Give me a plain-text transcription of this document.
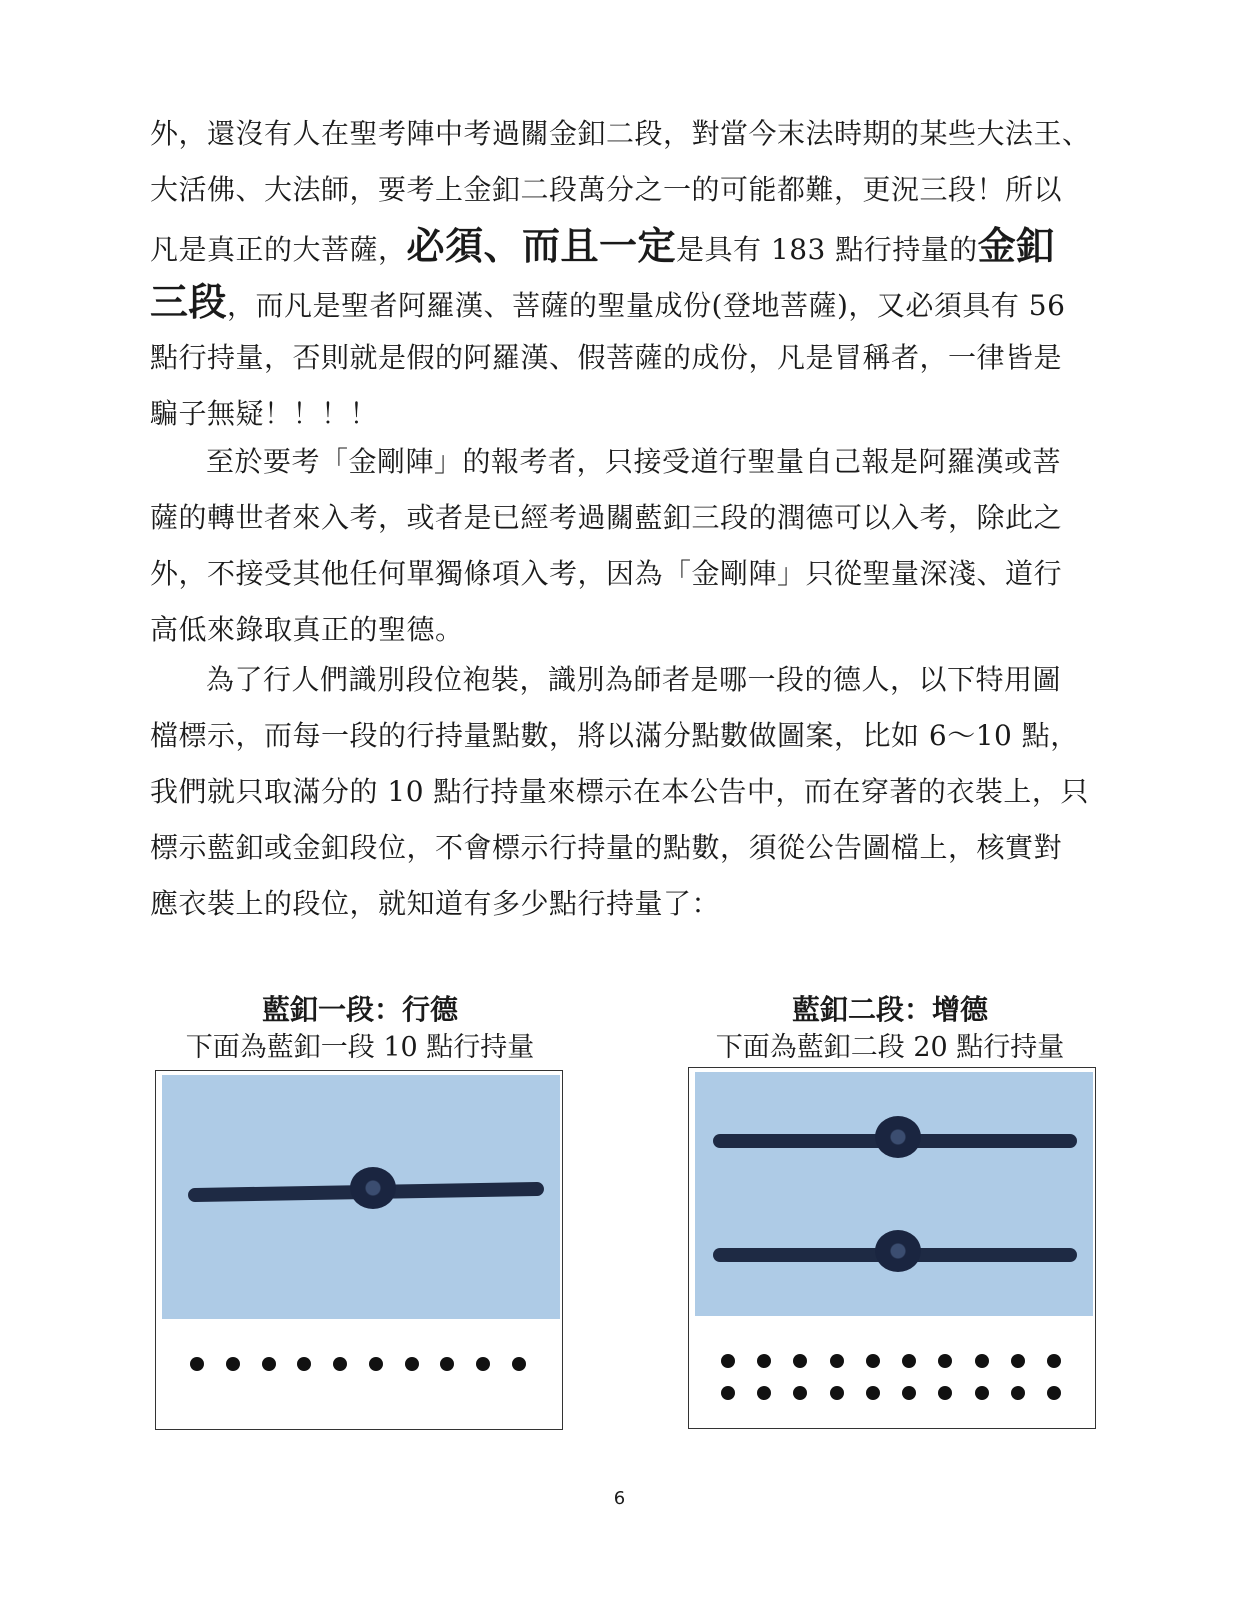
外，還沒有人在聖考陣中考過關金釦二段，對當今末法時期的某些大法王、
大活佛、大法師，要考上金釦二段萬分之一的可能都難，更況三段！所以
凡是真正的大菩薩，必須、而且一定是具有 183 點行持量的金釦
三段，而凡是聖者阿羅漢、菩薩的聖量成份(登地菩薩)，又必須具有 56
點行持量，否則就是假的阿羅漢、假菩薩的成份，凡是冒稱者，一律皆是
騙子無疑！！！！
至於要考「金剛陣」的報考者，只接受道行聖量自己報是阿羅漢或菩
薩的轉世者來入考，或者是已經考過關藍釦三段的潤德可以入考，除此之
外，不接受其他任何單獨條項入考，因為「金剛陣」只從聖量深淺、道行
高低來錄取真正的聖德。
為了行人們識別段位袍裝，識別為師者是哪一段的德人，以下特用圖
檔標示，而每一段的行持量點數，將以滿分點數做圖案，比如 6～10 點，
我們就只取滿分的 10 點行持量來標示在本公告中，而在穿著的衣裝上，只
標示藍釦或金釦段位，不會標示行持量的點數，須從公告圖檔上，核實對
應衣裝上的段位，就知道有多少點行持量了：
藍釦一段：行德
下面為藍釦一段 10 點行持量
藍釦二段：增德
下面為藍釦二段 20 點行持量
6
